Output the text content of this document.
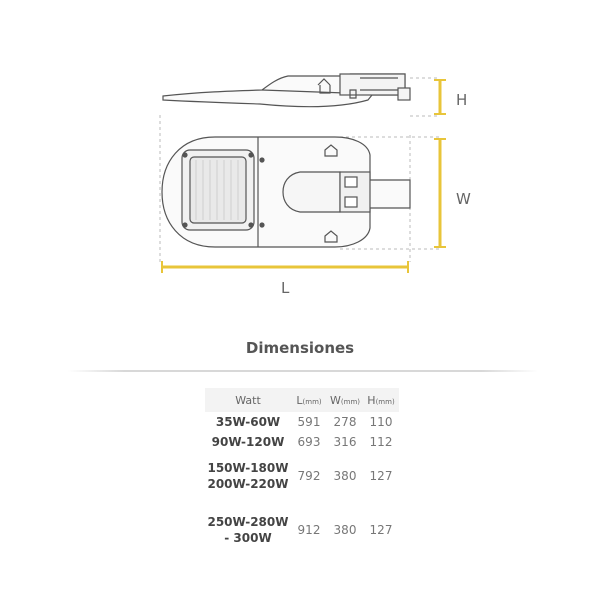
H
W
L
Dimensiones
Watt	L(mm)	W(mm)	H(mm)

35W-60W	591	278	110

90W-120W	693	316	112

150W-180W
200W-220W	792	380	127

250W-280W
- 300W	912	380	127
